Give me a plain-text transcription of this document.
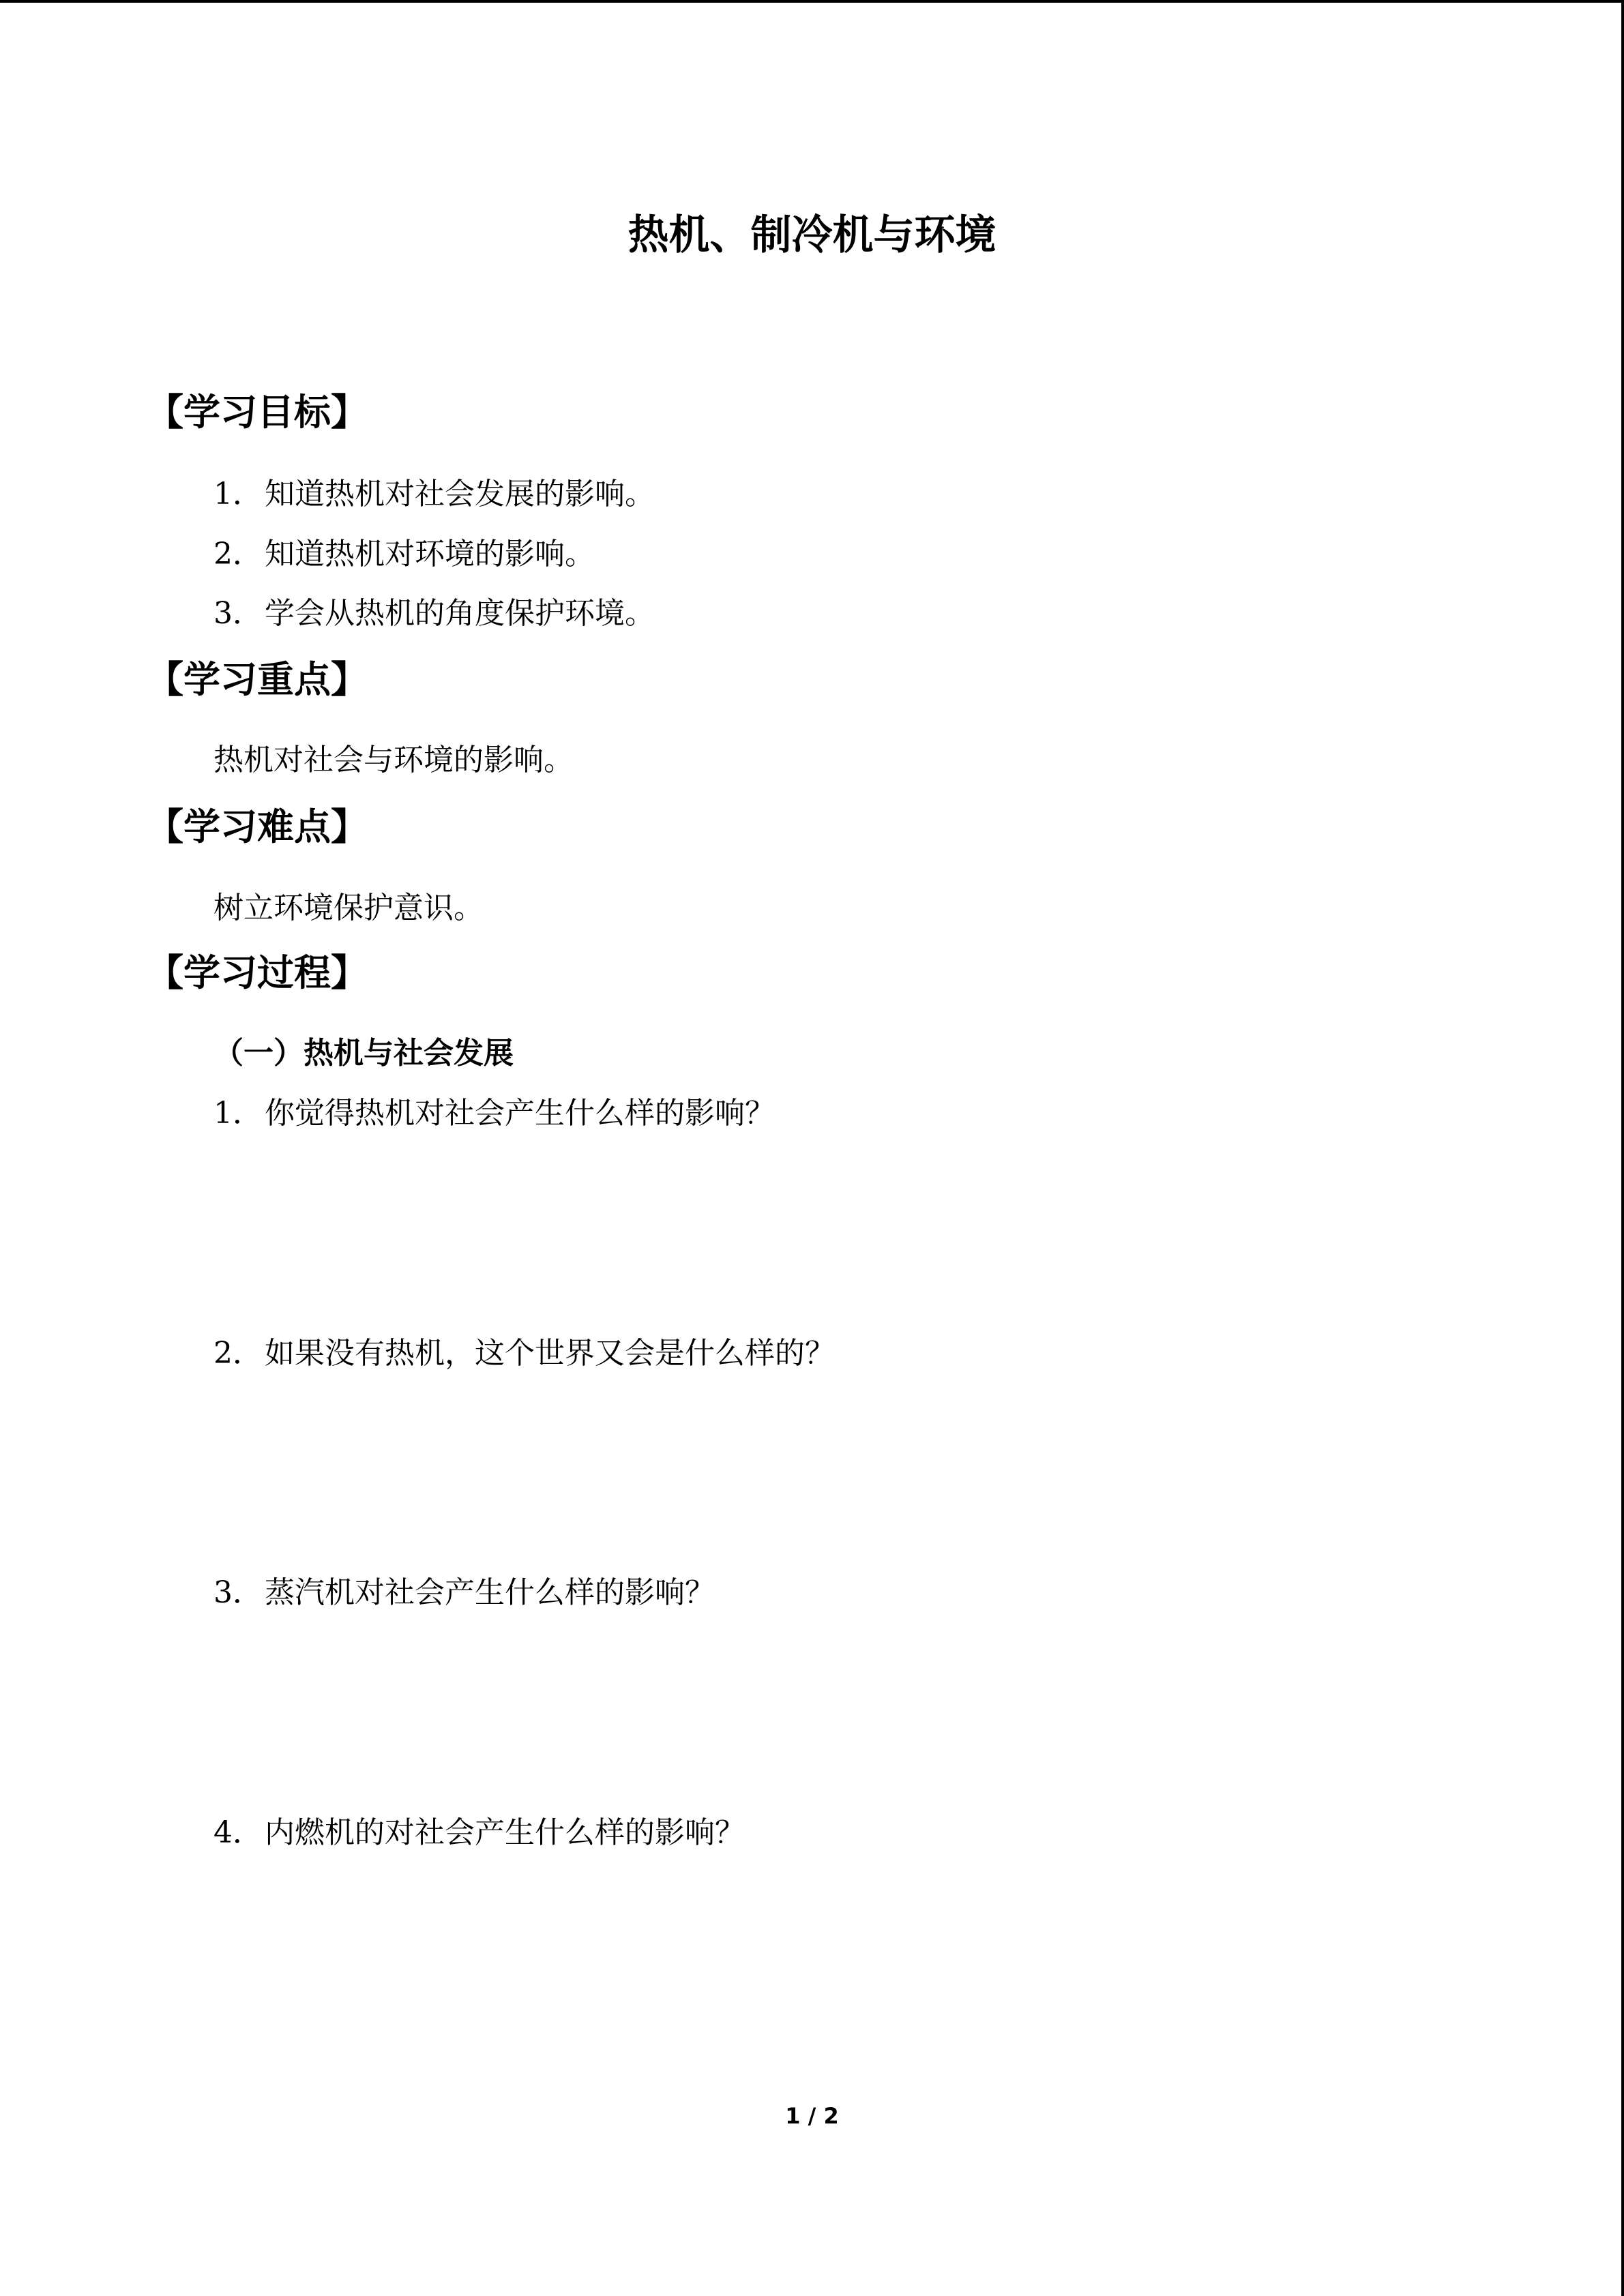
热机、制冷机与环境
【学习目标】
1．知道热机对社会发展的影响。
2．知道热机对环境的影响。
3．学会从热机的角度保护环境。
【学习重点】
热机对社会与环境的影响。
【学习难点】
树立环境保护意识。
【学习过程】
（一）热机与社会发展
1．你觉得热机对社会产生什么样的影响？
2．如果没有热机，这个世界又会是什么样的？
3．蒸汽机对社会产生什么样的影响？
4．内燃机的对社会产生什么样的影响？
1 / 2
